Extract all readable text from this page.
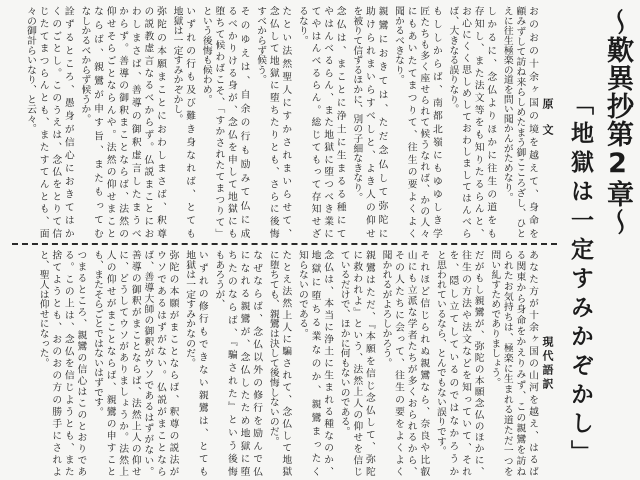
〜歎異抄第2章〜
「地獄は一定すみかぞかし」
原　文
現代語訳
おのおの十余ヶ国の境を越えて、身命を
顧みずして訪ね来らしめたまう御こころざし、ひと
えに往生極楽の道を問い聞かんがためなり。
しかるに、念仏よりほかに往生の道をも
存知し、また法文等をも知りたるらんと、
お心にくく思しめしておわしましてはんべら
ば、大きなる誤りなり。
もししからば、南都北嶺にもゆゆしき学
匠たちも多く座せられて候うなれば、かの人々
にもあいたてまつりて、往生の要よくよく
聞かるべきなり。
親鸞におきては、ただ念仏して弥陀に
助けられまいらすべしと、よき人の仰せ
を被りて信ずるほかに、別の子細なきなり。
念仏は、まことに浄土に生まるる種にて
やはんべるらん、また地獄に堕つべき業に
てやはんべるらん。総じてもって存知せざ
るなり。
たとい法然聖人にすかされまいらせて、
念仏して地獄に堕ちたりとも、さらに後悔
すべからず候う。
そのゆえは、自余の行も励みて仏に成
るべかりける身が、念仏を申して地獄にも
堕ちて候わばこそ、「すかされたてまつりて」
という後悔も候わめ。
いずれの行も及び難き身なれば、とても
地獄は一定すみかぞかし。
弥陀の本願まことにおわしまさば、釈尊
の説教虚言なるべからず。仏説まことにお
わしまさば、善導の御釈虚言したまうべ
からず。善導の御釈まことならば、法然の
仰せそらごとならんや。法然の仰せまこと
ならば、親鸞が申す旨、またもってむ
なしかるべからず候うか。
詮ずるところ、愚身が信心におきてはか
くのごとし。このうえは、念仏をとりて信
じたてまつらんとも、またすてんとも、面
々の御計らいなり、と云々。
あなた方が十余ヶ国の山河を越え、はるば
る関東から身命をかえりみず、この親鸞を訪ね
られたお気持ちは、極楽に生まれる道ただ一つを
問い糺すためでありましょう。
だがもし親鸞が、弥陀の本願念仏のほかに、
往生の方法や法文などを知っていて、それ
を、隠し立てしているのではなかろうか
と思われているなら、とんでもない誤りです。
それほど信じられぬ親鸞なら、奈良や比叡
山にも立派な学者たちが多くおられるから、
その人たちに会って、往生の要をよくよく
聞かれるがよろしかろう。
親鸞はただ、『本願を信じ念仏して、弥陀
に救われよ』という、法然上人の仰せを信じ
ているだけで、ほかに何もないのである。
念仏は、本当に浄土に生まれる種なのか、
地獄に堕ちる業なのか、親鸞まったく
知らないのである。
たとえ法然上人に騙されて、念仏して地獄
に堕ちても、親鸞は決して後悔しないのだ。
なぜならば、念仏以外の修行を励んで仏
になれる親鸞が、念仏したため地獄に堕
ちたのならば、『騙された』という後悔
もあろうが、
いずれの修行もできない親鸞は、とても
地獄は一定すみかなのだ。
弥陀の本願がまことならば、釈尊の説法が
ウソであるはずがない。仏説がまことなら
ば、善導大師の御釈がウソであるはずがない。
善導の御釈がまことならば、法然上人の仰せ
に、どうしてウソがありましょうか。法然上
人の仰せがまことならば、親鸞の申すこと
も、またそらごとではないはずです。
つまるところ、親鸞の信心はこのとおりであ
る。この上は、念仏を信じようとも、また
捨てようとも、おのおの方の勝手にされよ
と、聖人は仰せになった。
